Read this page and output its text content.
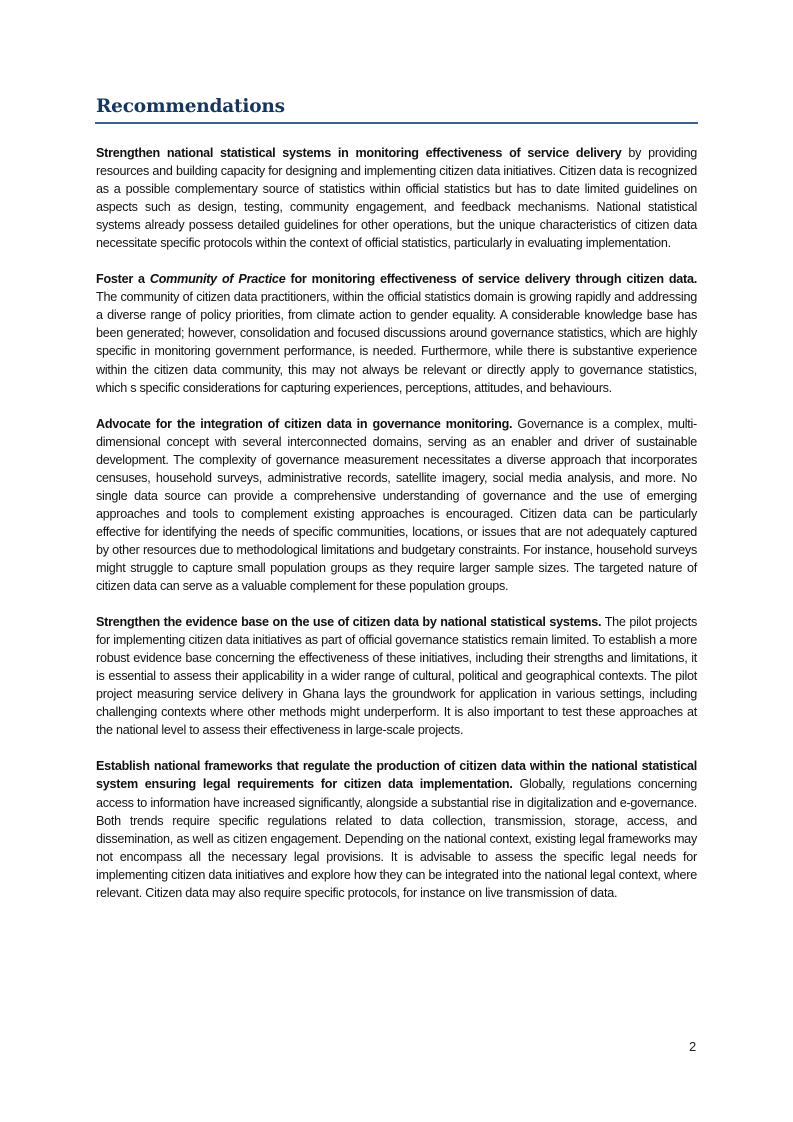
Recommendations

Strengthen national statistical systems in monitoring effectiveness of service delivery by providing resources and building capacity for designing and implementing citizen data initiatives. Citizen data is recognized as a possible complementary source of statistics within official statistics but has to date limited guidelines on aspects such as design, testing, community engagement, and feedback mechanisms. National statistical systems already possess detailed guidelines for other operations, but the unique characteristics of citizen data necessitate specific protocols within the context of official statistics, particularly in evaluating implementation.

Foster a Community of Practice for monitoring effectiveness of service delivery through citizen data. The community of citizen data practitioners, within the official statistics domain is growing rapidly and addressing a diverse range of policy priorities, from climate action to gender equality. A considerable knowledge base has been generated; however, consolidation and focused discussions around governance statistics, which are highly specific in monitoring government performance, is needed. Furthermore, while there is substantive experience within the citizen data community, this may not always be relevant or directly apply to governance statistics, which s specific considerations for capturing experiences, perceptions, attitudes, and behaviours.

Advocate for the integration of citizen data in governance monitoring. Governance is a complex, multi-dimensional concept with several interconnected domains, serving as an enabler and driver of sustainable development. The complexity of governance measurement necessitates a diverse approach that incorporates censuses, household surveys, administrative records, satellite imagery, social media analysis, and more. No single data source can provide a comprehensive understanding of governance and the use of emerging approaches and tools to complement existing approaches is encouraged. Citizen data can be particularly effective for identifying the needs of specific communities, locations, or issues that are not adequately captured by other resources due to methodological limitations and budgetary constraints. For instance, household surveys might struggle to capture small population groups as they require larger sample sizes. The targeted nature of citizen data can serve as a valuable complement for these population groups.

Strengthen the evidence base on the use of citizen data by national statistical systems. The pilot projects for implementing citizen data initiatives as part of official governance statistics remain limited. To establish a more robust evidence base concerning the effectiveness of these initiatives, including their strengths and limitations, it is essential to assess their applicability in a wider range of cultural, political and geographical contexts. The pilot project measuring service delivery in Ghana lays the groundwork for application in various settings, including challenging contexts where other methods might underperform. It is also important to test these approaches at the national level to assess their effectiveness in large-scale projects.

Establish national frameworks that regulate the production of citizen data within the national statistical system ensuring legal requirements for citizen data implementation. Globally, regulations concerning access to information have increased significantly, alongside a substantial rise in digitalization and e-governance. Both trends require specific regulations related to data collection, transmission, storage, access, and dissemination, as well as citizen engagement. Depending on the national context, existing legal frameworks may not encompass all the necessary legal provisions. It is advisable to assess the specific legal needs for implementing citizen data initiatives and explore how they can be integrated into the national legal context, where relevant. Citizen data may also require specific protocols, for instance on live transmission of data.

2
